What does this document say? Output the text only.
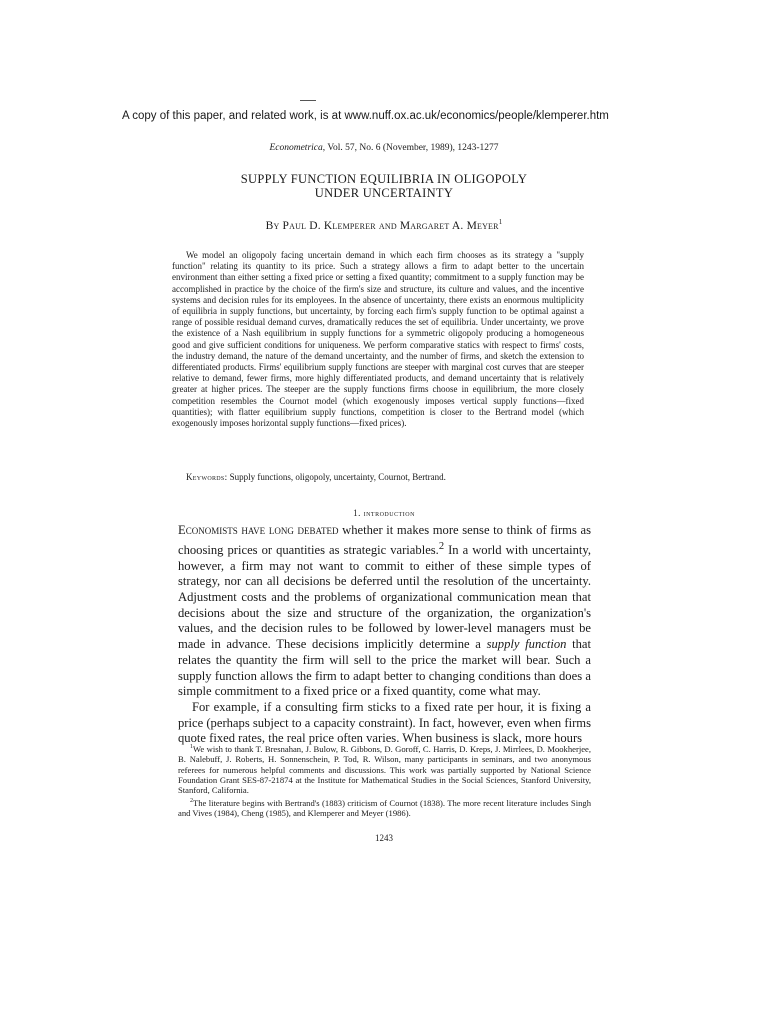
A copy of this paper, and related work, is at www.nuff.ox.ac.uk/economics/people/klemperer.htm
Econometrica, Vol. 57, No. 6 (November, 1989), 1243-1277
SUPPLY FUNCTION EQUILIBRIA IN OLIGOPOLY
UNDER UNCERTAINTY
By Paul D. Klemperer and Margaret A. Meyer$^1$
We model an oligopoly facing uncertain demand in which each firm chooses as its strategy a "supply function" relating its quantity to its price. Such a strategy allows a firm to adapt better to the uncertain environment than either setting a fixed price or setting a fixed quantity; commitment to a supply function may be accomplished in practice by the choice of the firm's size and structure, its culture and values, and the incentive systems and decision rules for its employees. In the absence of uncertainty, there exists an enormous multiplicity of equilibria in supply functions, but uncertainty, by forcing each firm's supply function to be optimal against a range of possible residual demand curves, dramatically reduces the set of equilibria. Under uncertainty, we prove the existence of a Nash equilibrium in supply functions for a symmetric oligopoly producing a homogeneous good and give sufficient conditions for uniqueness. We perform comparative statics with respect to firms' costs, the industry demand, the nature of the demand uncertainty, and the number of firms, and sketch the extension to differentiated products. Firms' equilibrium supply functions are steeper with marginal cost curves that are steeper relative to demand, fewer firms, more highly differentiated products, and demand uncertainty that is relatively greater at higher prices. The steeper are the supply functions firms choose in equilibrium, the more closely competition resembles the Cournot model (which exogenously imposes vertical supply functions—fixed quantities); with flatter equilibrium supply functions, competition is closer to the Bertrand model (which exogenously imposes horizontal supply functions—fixed prices).
Keywords: Supply functions, oligopoly, uncertainty, Cournot, Bertrand.
1. introduction

Economists have long debated whether it makes more sense to think of firms as choosing prices or quantities as strategic variables.$^2$ In a world with uncertainty, however, a firm may not want to commit to either of these simple types of strategy, nor can all decisions be deferred until the resolution of the uncertainty. Adjustment costs and the problems of organizational communication mean that decisions about the size and structure of the organization, the organization's values, and the decision rules to be followed by lower-level managers must be made in advance. These decisions implicitly determine a supply function that relates the quantity the firm will sell to the price the market will bear. Such a supply function allows the firm to adapt better to changing conditions than does a simple commitment to a fixed price or a fixed quantity, come what may.

For example, if a consulting firm sticks to a fixed rate per hour, it is fixing a price (perhaps subject to a capacity constraint). In fact, however, even when firms quote fixed rates, the real price often varies. When business is slack, more hours

$^1$We wish to thank T. Bresnahan, J. Bulow, R. Gibbons, D. Goroff, C. Harris, D. Kreps, J. Mirrlees, D. Mookherjee, B. Nalebuff, J. Roberts, H. Sonnenschein, P. Tod, R. Wilson, many participants in seminars, and two anonymous referees for numerous helpful comments and discussions. This work was partially supported by National Science Foundation Grant SES-87-21874 at the Institute for Mathematical Studies in the Social Sciences, Stanford University, Stanford, California.

$^2$The literature begins with Bertrand's (1883) criticism of Cournot (1838). The more recent literature includes Singh and Vives (1984), Cheng (1985), and Klemperer and Meyer (1986).

1243
